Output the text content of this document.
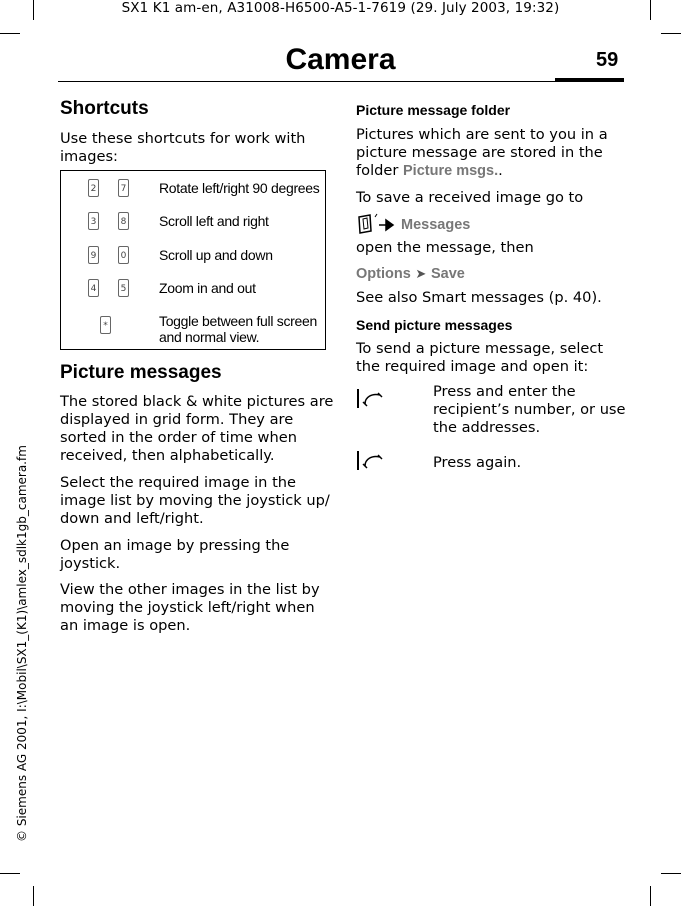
SX1 K1 am-en, A31008-H6500-A5-1-7619 (29. July 2003, 19:32)
© Siemens AG 2001, I:\Mobil\SX1_(K1)\amlex_sdlk1gb_camera.fm
Camera	59
Shortcuts
Use these shortcuts for work with images:
2	7 Rotate left/right 90 degrees
3	8 Scroll left and right
9	0 Scroll up and down
4	5 Zoom in and out
*	Toggle between full screen
and normal view.
Picture messages

The stored black & white pictures are

displayed in grid form. They are

sorted in the order of time when

received, then alphabetically.

Select the required image in the

image list by moving the joystick up/

down and left/right.

Open an image by pressing the

joystick.

View the other images in the list by

moving the joystick left/right when

an image is open.

Picture message folder

Pictures which are sent to you in a

picture message are stored in the

folder Picture msgs..

To save a received image go to
Messages
open the message, then
Options ➤ Save
See also Smart messages (p. 40).
Send picture messages

To send a picture message, select

the required image and open it:

Press and enter the

recipient’s number, or use

the addresses.

Press again.
